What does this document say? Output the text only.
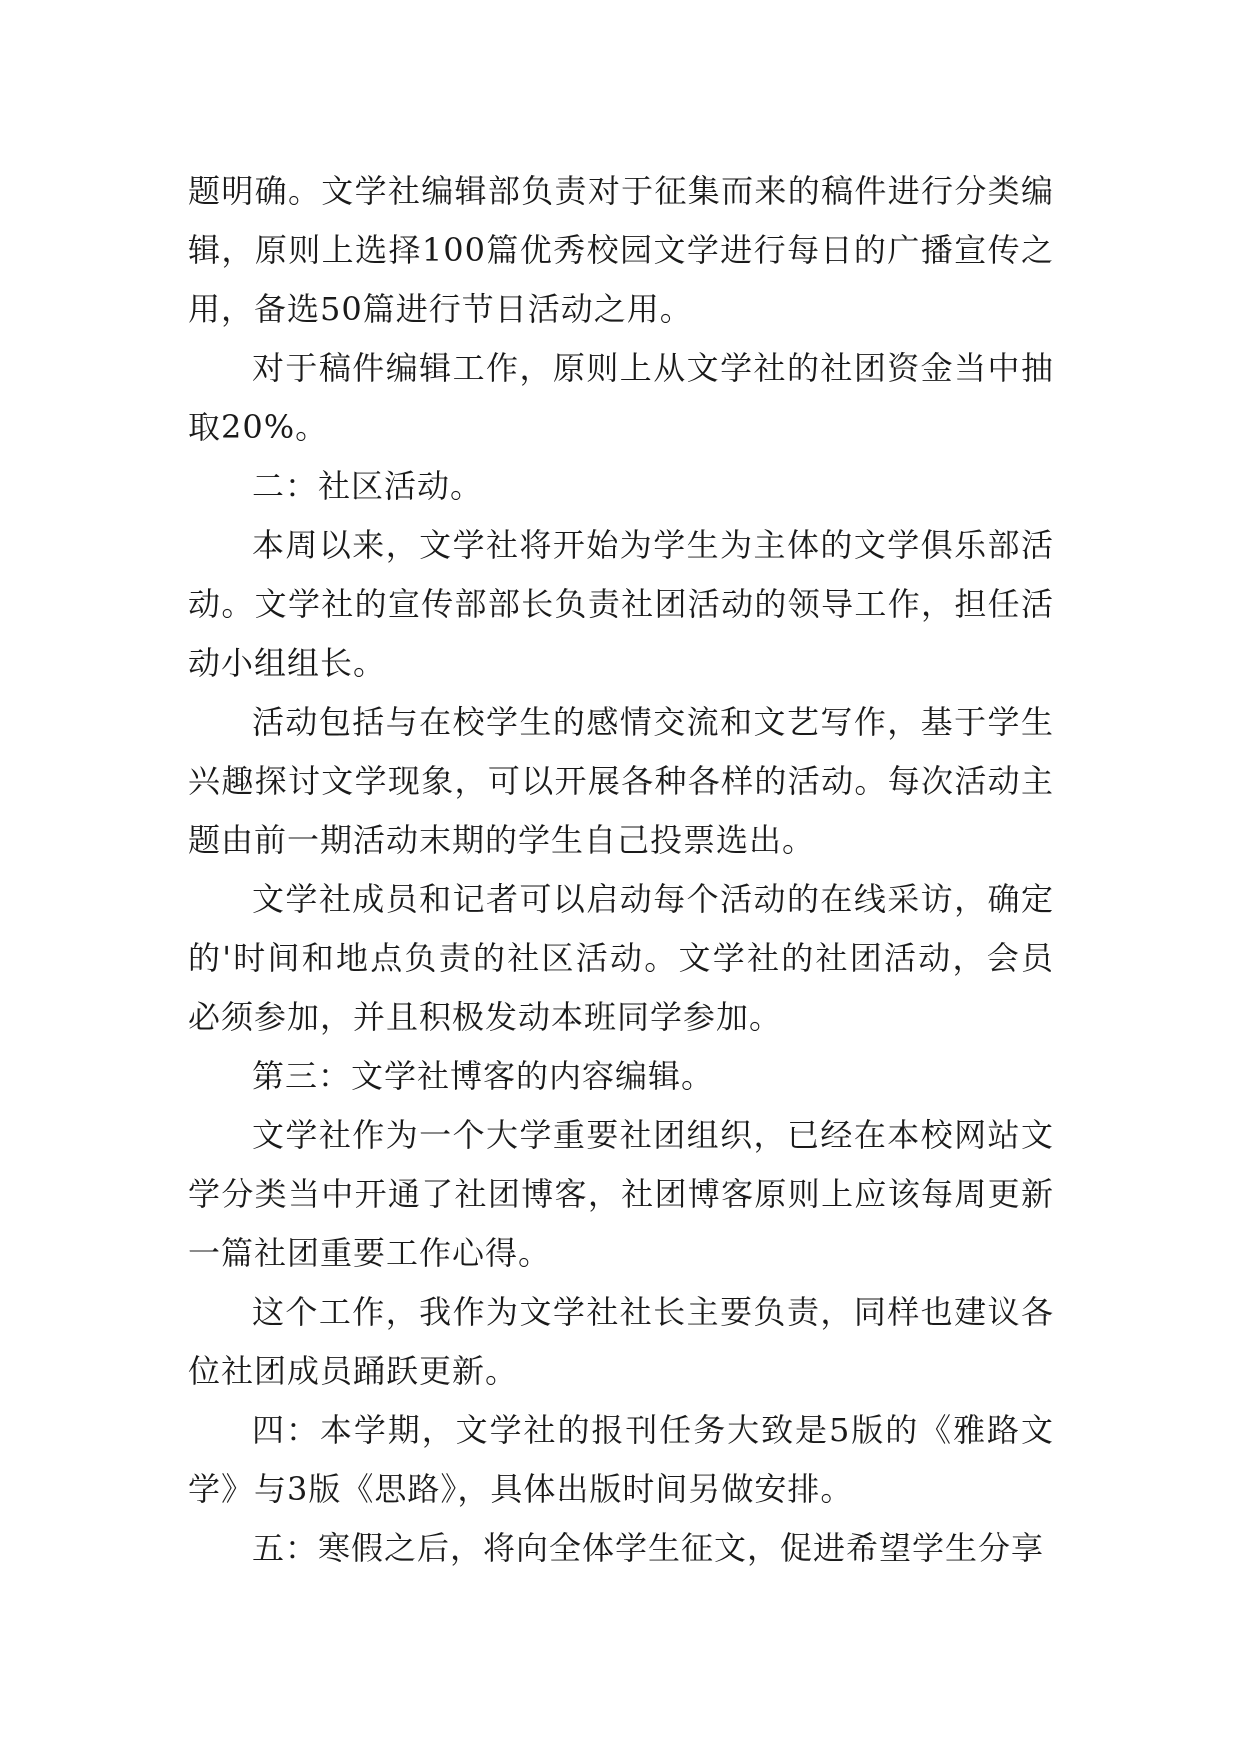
题明确。文学社编辑部负责对于征集而来的稿件进行分类编辑，原则上选择100篇优秀校园文学进行每日的广播宣传之用，备选50篇进行节日活动之用。

对于稿件编辑工作，原则上从文学社的社团资金当中抽取20%。

二：社区活动。

本周以来，文学社将开始为学生为主体的文学俱乐部活动。文学社的宣传部部长负责社团活动的领导工作，担任活动小组组长。

活动包括与在校学生的感情交流和文艺写作，基于学生兴趣探讨文学现象，可以开展各种各样的活动。每次活动主题由前一期活动末期的学生自己投票选出。

文学社成员和记者可以启动每个活动的在线采访，确定的'时间和地点负责的社区活动。文学社的社团活动，会员必须参加，并且积极发动本班同学参加。

第三：文学社博客的内容编辑。

文学社作为一个大学重要社团组织，已经在本校网站文学分类当中开通了社团博客，社团博客原则上应该每周更新一篇社团重要工作心得。

这个工作，我作为文学社社长主要负责，同样也建议各位社团成员踊跃更新。

四：本学期，文学社的报刊任务大致是5版的《雅路文学》与3版《思路》，具体出版时间另做安排。

五：寒假之后，将向全体学生征文，促进希望学生分享
